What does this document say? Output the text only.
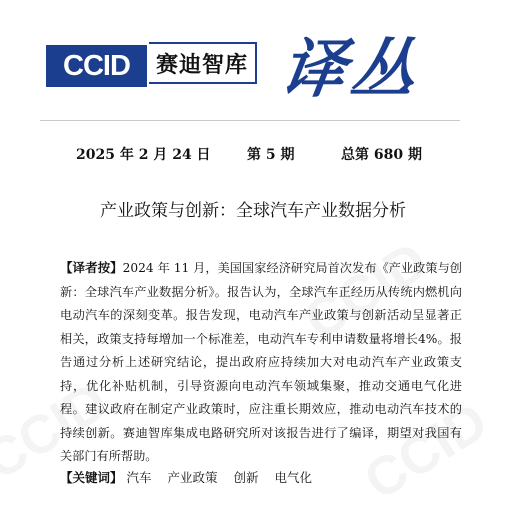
CCID	赛迪智库 译丛
2025 年 2 月 24 日	第 5 期	总第 680 期
产业政策与创新：全球汽车产业数据分析
【译者按】2024 年 11 月，美国国家经济研究局首次发布《产业政策与创新：全球汽车产业数据分析》。报告认为，全球汽车正经历从传统内燃机向电动汽车的深刻变革。报告发现，电动汽车产业政策与创新活动呈显著正相关，政策支持每增加一个标准差，电动汽车专利申请数量将增长4%。报告通过分析上述研究结论，提出政府应持续加大对电动汽车产业政策支持，优化补贴机制，引导资源向电动汽车领域集聚，推动交通电气化进程。建议政府在制定产业政策时，应注重长期效应，推动电动汽车技术的持续创新。赛迪智库集成电路研究所对该报告进行了编译，期望对我国有关部门有所帮助。
【关键词】 汽车 产业政策 创新 电气化
